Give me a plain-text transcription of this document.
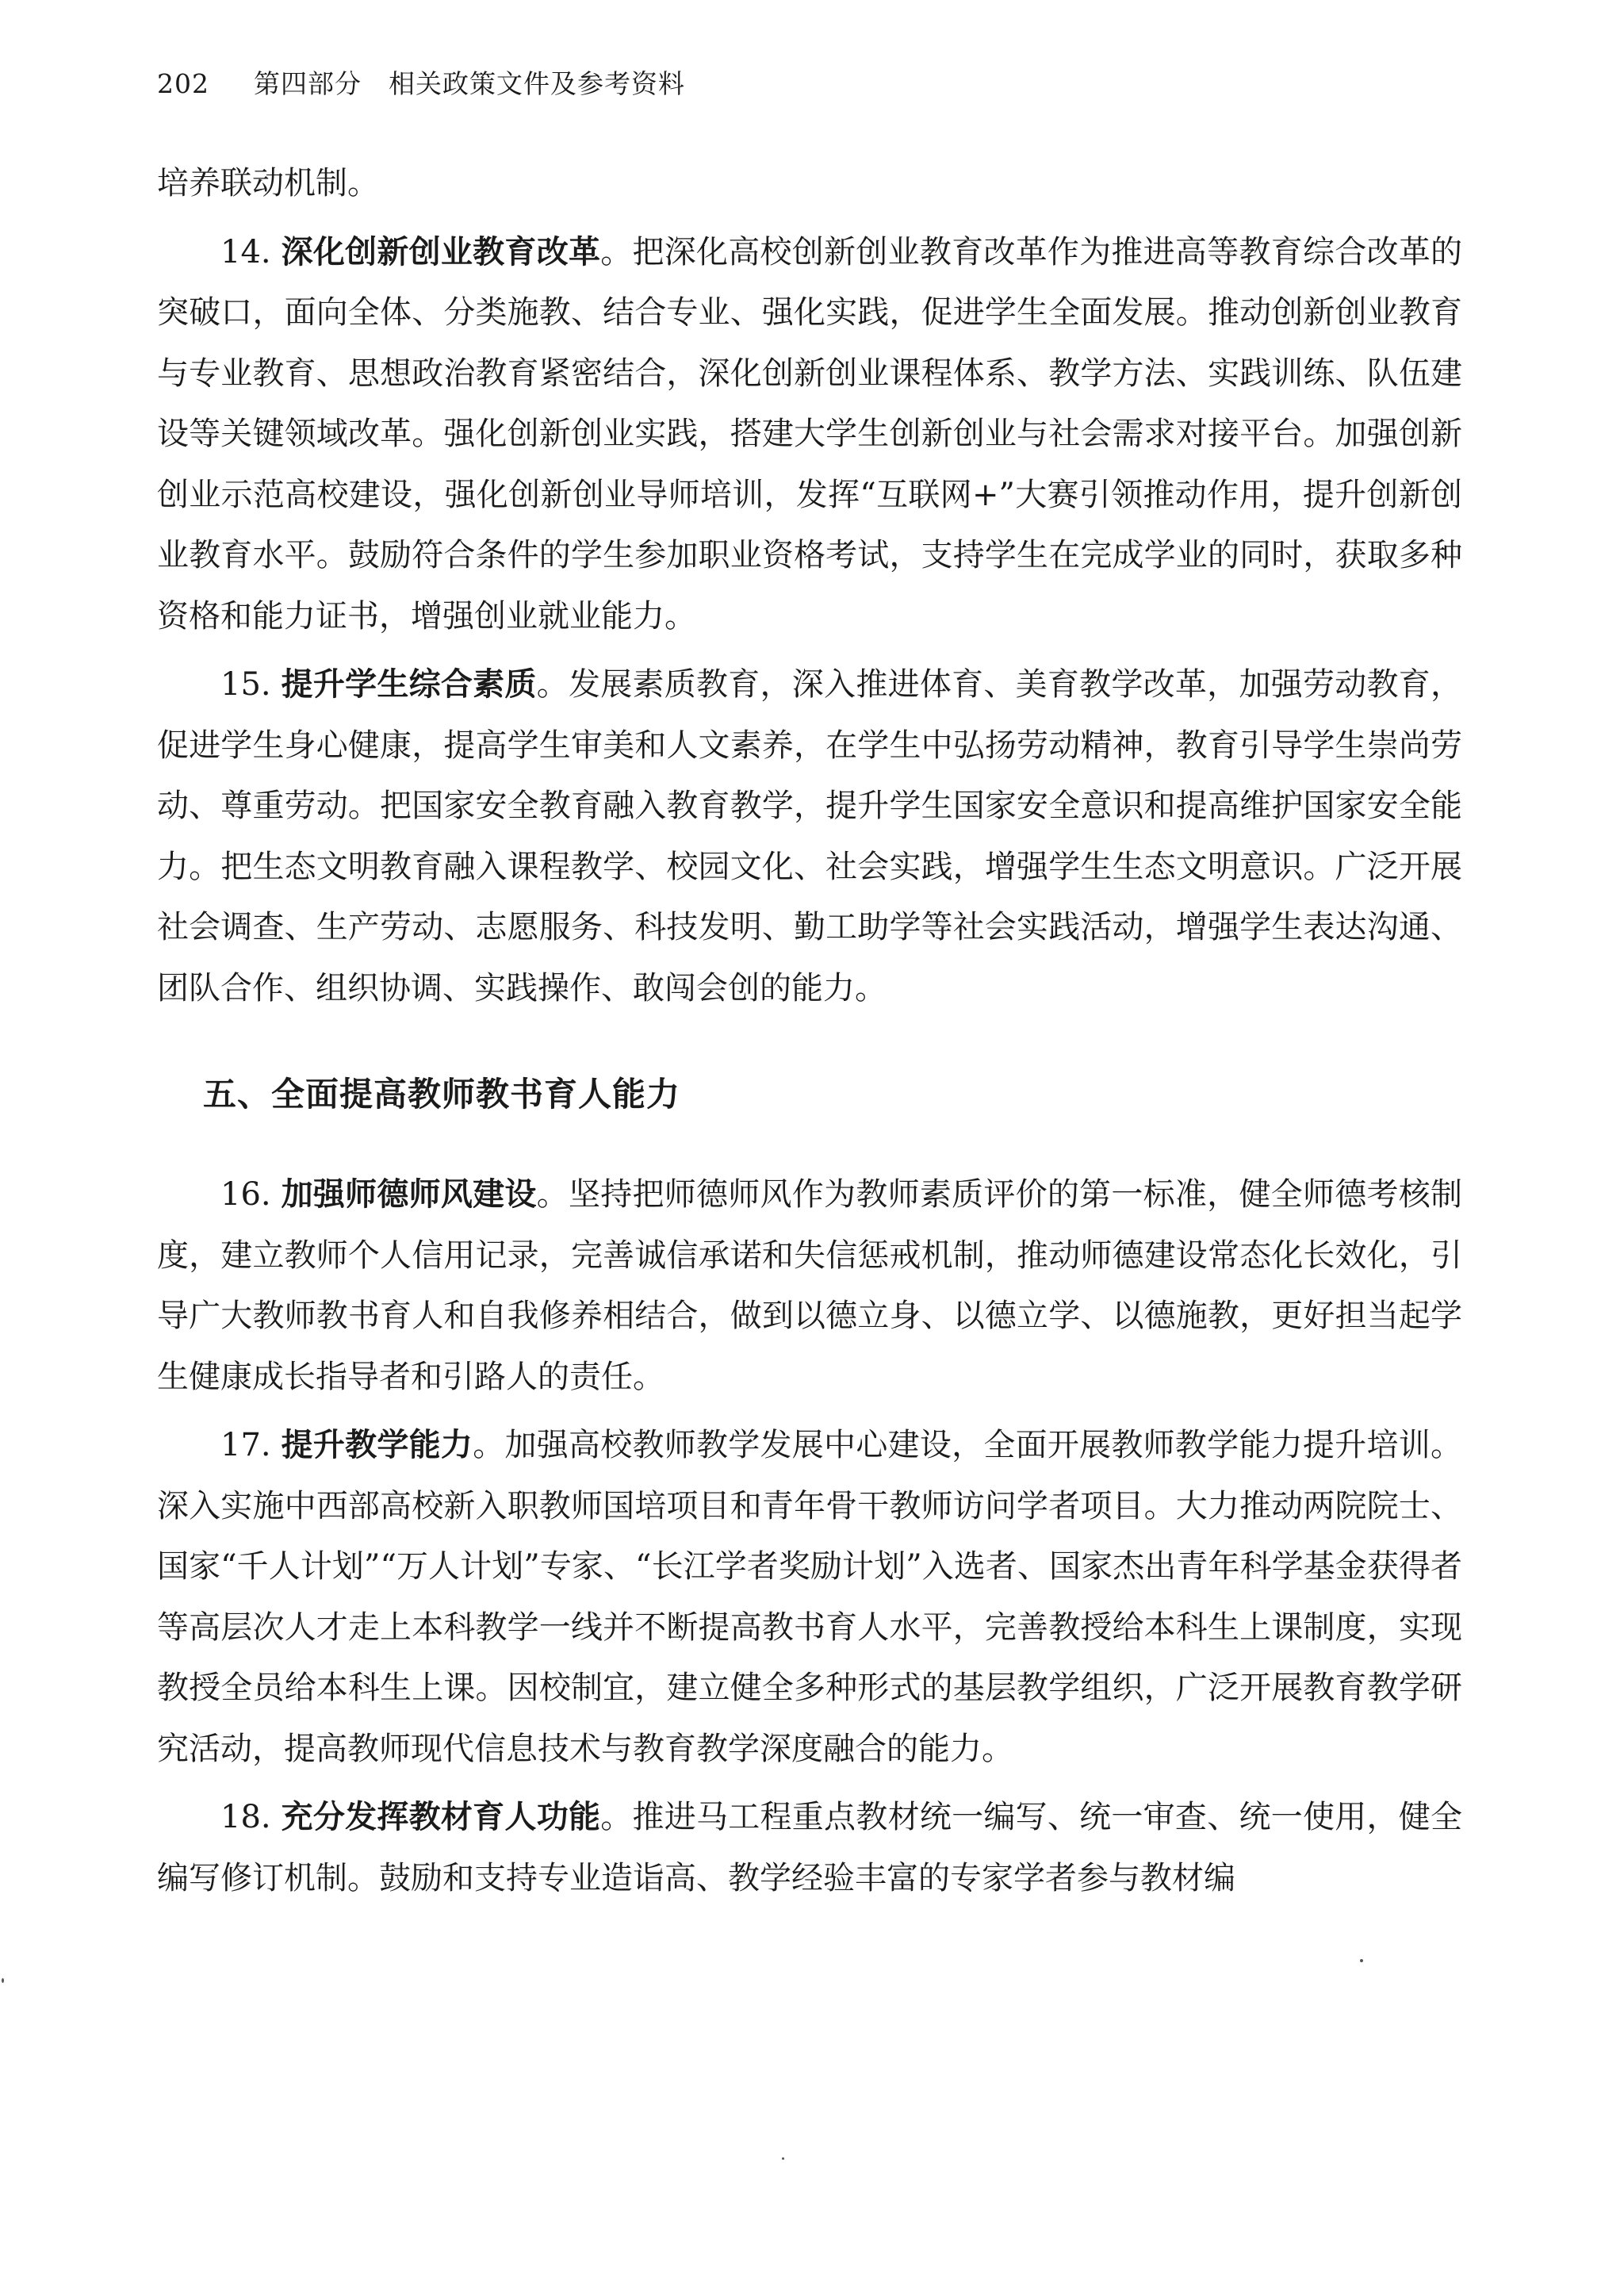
202 第四部分　相关政策文件及参考资料

培养联动机制。

14. 深化创新创业教育改革。把深化高校创新创业教育改革作为推进高等教育综合改革的突破口，面向全体、分类施教、结合专业、强化实践，促进学生全面发展。推动创新创业教育与专业教育、思想政治教育紧密结合，深化创新创业课程体系、教学方法、实践训练、队伍建设等关键领域改革。强化创新创业实践，搭建大学生创新创业与社会需求对接平台。加强创新创业示范高校建设，强化创新创业导师培训，发挥“互联网+”大赛引领推动作用，提升创新创业教育水平。鼓励符合条件的学生参加职业资格考试，支持学生在完成学业的同时，获取多种资格和能力证书，增强创业就业能力。

15. 提升学生综合素质。发展素质教育，深入推进体育、美育教学改革，加强劳动教育，促进学生身心健康，提高学生审美和人文素养，在学生中弘扬劳动精神，教育引导学生崇尚劳动、尊重劳动。把国家安全教育融入教育教学，提升学生国家安全意识和提高维护国家安全能力。把生态文明教育融入课程教学、校园文化、社会实践，增强学生生态文明意识。广泛开展社会调查、生产劳动、志愿服务、科技发明、勤工助学等社会实践活动，增强学生表达沟通、团队合作、组织协调、实践操作、敢闯会创的能力。

五、全面提高教师教书育人能力

16. 加强师德师风建设。坚持把师德师风作为教师素质评价的第一标准，健全师德考核制度，建立教师个人信用记录，完善诚信承诺和失信惩戒机制，推动师德建设常态化长效化，引导广大教师教书育人和自我修养相结合，做到以德立身、以德立学、以德施教，更好担当起学生健康成长指导者和引路人的责任。

17. 提升教学能力。加强高校教师教学发展中心建设，全面开展教师教学能力提升培训。深入实施中西部高校新入职教师国培项目和青年骨干教师访问学者项目。大力推动两院院士、国家“千人计划”“万人计划”专家、“长江学者奖励计划”入选者、国家杰出青年科学基金获得者等高层次人才走上本科教学一线并不断提高教书育人水平，完善教授给本科生上课制度，实现教授全员给本科生上课。因校制宜，建立健全多种形式的基层教学组织，广泛开展教育教学研究活动，提高教师现代信息技术与教育教学深度融合的能力。

18. 充分发挥教材育人功能。推进马工程重点教材统一编写、统一审查、统一使用，健全编写修订机制。鼓励和支持专业造诣高、教学经验丰富的专家学者参与教材编
